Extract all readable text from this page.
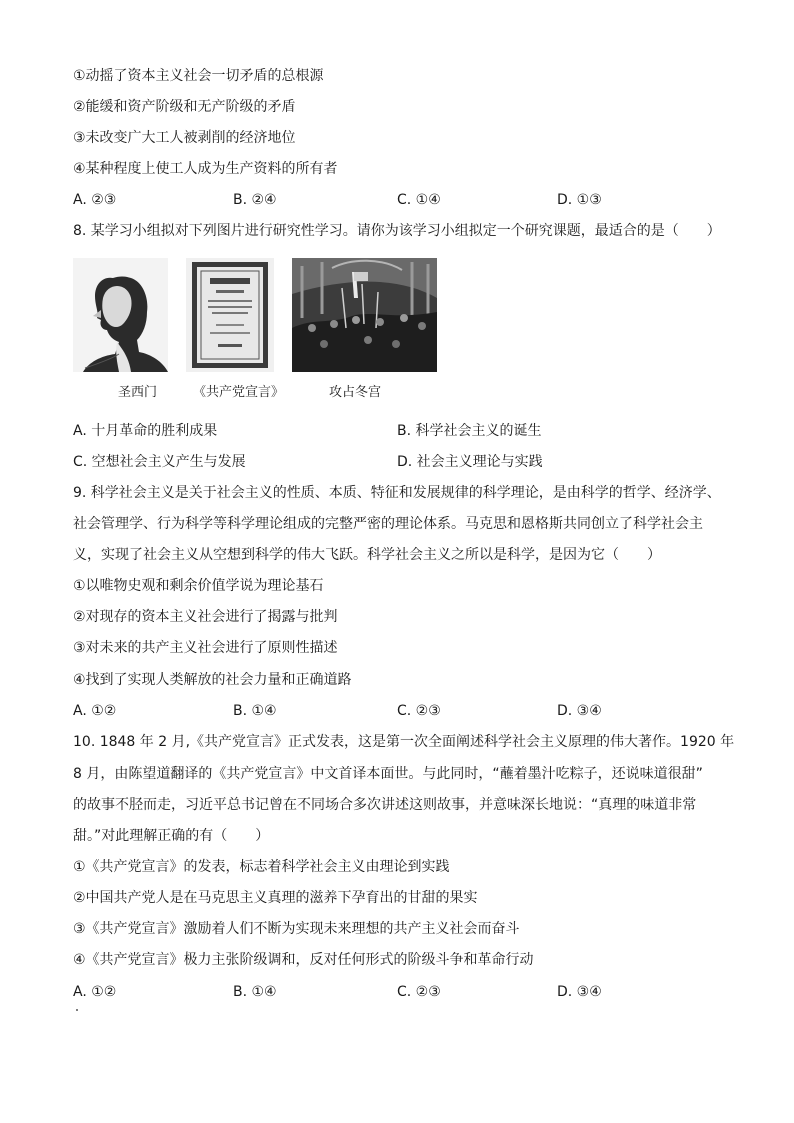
①动摇了资本主义社会一切矛盾的总根源
②能缓和资产阶级和无产阶级的矛盾
③未改变广大工人被剥削的经济地位
④某种程度上使工人成为生产资料的所有者
A. ②③	B. ②④	C. ①④	D. ①③
8. 某学习小组拟对下列图片进行研究性学习。请你为该学习小组拟定一个研究课题，最适合的是（　　）
圣西门	《共产党宣言》	攻占冬宫
A. 十月革命的胜利成果	B. 科学社会主义的诞生
C. 空想社会主义产生与发展	D. 社会主义理论与实践
9. 科学社会主义是关于社会主义的性质、本质、特征和发展规律的科学理论，是由科学的哲学、经济学、
社会管理学、行为科学等科学理论组成的完整严密的理论体系。马克思和恩格斯共同创立了科学社会主
义，实现了社会主义从空想到科学的伟大飞跃。科学社会主义之所以是科学，是因为它（　　）
①以唯物史观和剩余价值学说为理论基石
②对现存的资本主义社会进行了揭露与批判
③对未来的共产主义社会进行了原则性描述
④找到了实现人类解放的社会力量和正确道路
A. ①②	B. ①④	C. ②③	D. ③④
10. 1848 年 2 月,《共产党宣言》正式发表，这是第一次全面阐述科学社会主义原理的伟大著作。1920 年
8 月，由陈望道翻译的《共产党宣言》中文首译本面世。与此同时，“蘸着墨汁吃粽子，还说味道很甜”
的故事不胫而走，习近平总书记曾在不同场合多次讲述这则故事，并意味深长地说：“真理的味道非常
甜。”对此理解正确的有（　　）
①《共产党宣言》的发表，标志着科学社会主义由理论到实践
②中国共产党人是在马克思主义真理的滋养下孕育出的甘甜的果实
③《共产党宣言》激励着人们不断为实现未来理想的共产主义社会而奋斗
④《共产党宣言》极力主张阶级调和，反对任何形式的阶级斗争和革命行动
A. ①②	B. ①④	C. ②③	D. ③④
